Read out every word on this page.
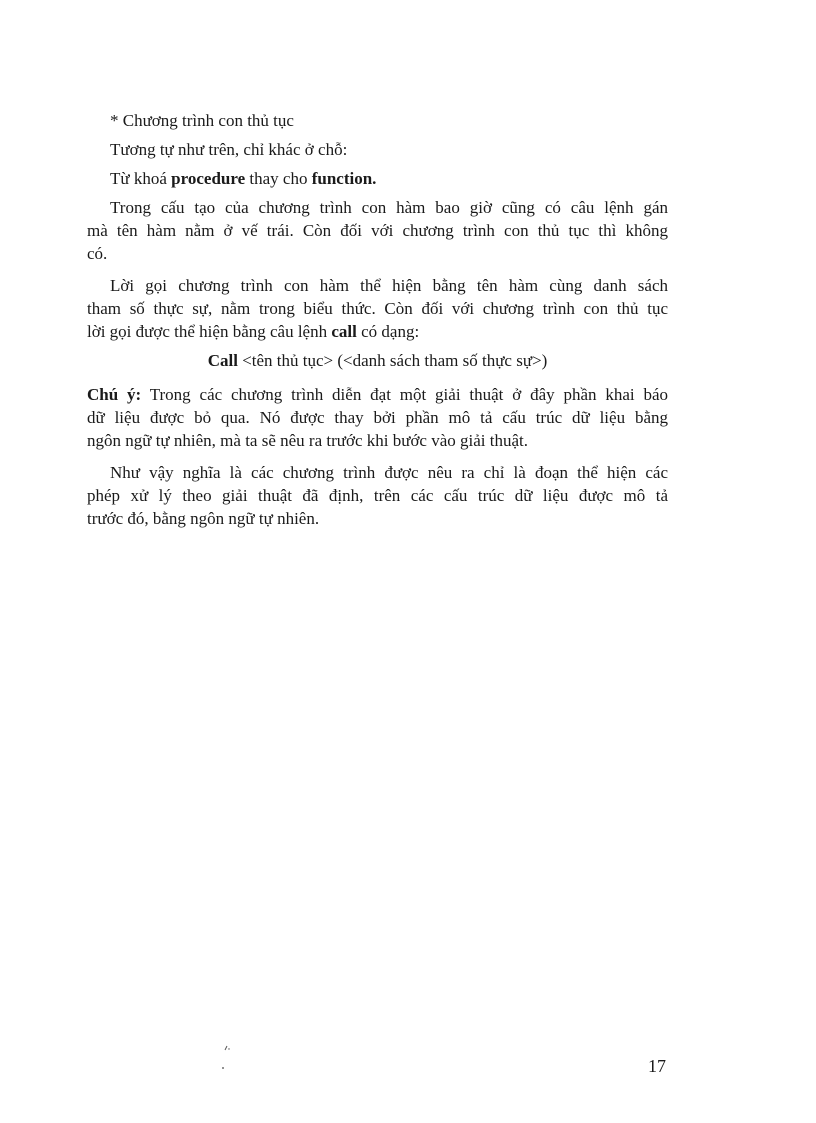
* Chương trình con thủ tục

Tương tự như trên, chỉ khác ở chỗ:

Từ khoá procedure thay cho function.

Trong cấu tạo của chương trình con hàm bao giờ cũng có câu lệnh gán
mà tên hàm nằm ở vế trái. Còn đối với chương trình con thủ tục thì không
có.

Lời gọi chương trình con hàm thể hiện bằng tên hàm cùng danh sách
tham số thực sự, nằm trong biểu thức. Còn đối với chương trình con thủ tục
lời gọi được thể hiện bằng câu lệnh call có dạng:

Call <tên thủ tục> (<danh sách tham số thực sự>)

Chú ý: Trong các chương trình diễn đạt một giải thuật ở đây phần khai báo
dữ liệu được bỏ qua. Nó được thay bởi phần mô tả cấu trúc dữ liệu bằng
ngôn ngữ tự nhiên, mà ta sẽ nêu ra trước khi bước vào giải thuật.

Như vậy nghĩa là các chương trình được nêu ra chỉ là đoạn thể hiện các
phép xử lý theo giải thuật đã định, trên các cấu trúc dữ liệu được mô tả
trước đó, bằng ngôn ngữ tự nhiên.

17
